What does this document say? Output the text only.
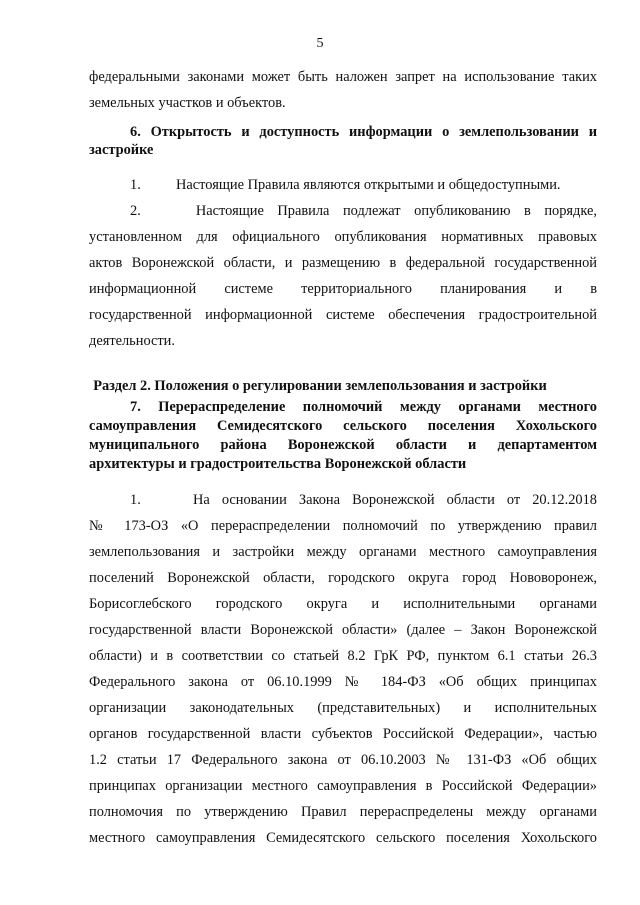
5
федеральными законами может быть наложен запрет на использование таких
земельных участков и объектов.
6. Открытость и доступность информации о землепользовании и застройке
1. Настоящие Правила являются открытыми и общедоступными.
2.	Настоящие Правила подлежат опубликованию в порядке,
установленном для официального опубликования нормативных правовых
актов Воронежской области, и размещению в федеральной государственной
информационной системе территориального планирования и в
государственной информационной системе обеспечения градостроительной
деятельности.
Раздел 2. Положения о регулировании землепользования и застройки
7. Перераспределение полномочий между органами местного самоуправления Семидесятского сельского поселения Хохольского муниципального района Воронежской области и департаментом архитектуры и градостроительства Воронежской области
1.	На основании Закона Воронежской области от 20.12.2018
№ 173-ОЗ «О перераспределении полномочий по утверждению правил
землепользования и застройки между органами местного самоуправления
поселений Воронежской области, городского округа город Нововоронеж,
Борисоглебского городского округа и исполнительными органами
государственной власти Воронежской области» (далее – Закон Воронежской
области) и в соответствии со статьей 8.2 ГрК РФ, пунктом 6.1 статьи 26.3
Федерального закона от 06.10.1999 № 184-ФЗ «Об общих принципах
организации законодательных (представительных) и исполнительных
органов государственной власти субъектов Российской Федерации», частью
1.2 статьи 17 Федерального закона от 06.10.2003 № 131-ФЗ «Об общих
принципах организации местного самоуправления в Российской Федерации»
полномочия по утверждению Правил перераспределены между органами
местного самоуправления Семидесятского сельского поселения Хохольского
